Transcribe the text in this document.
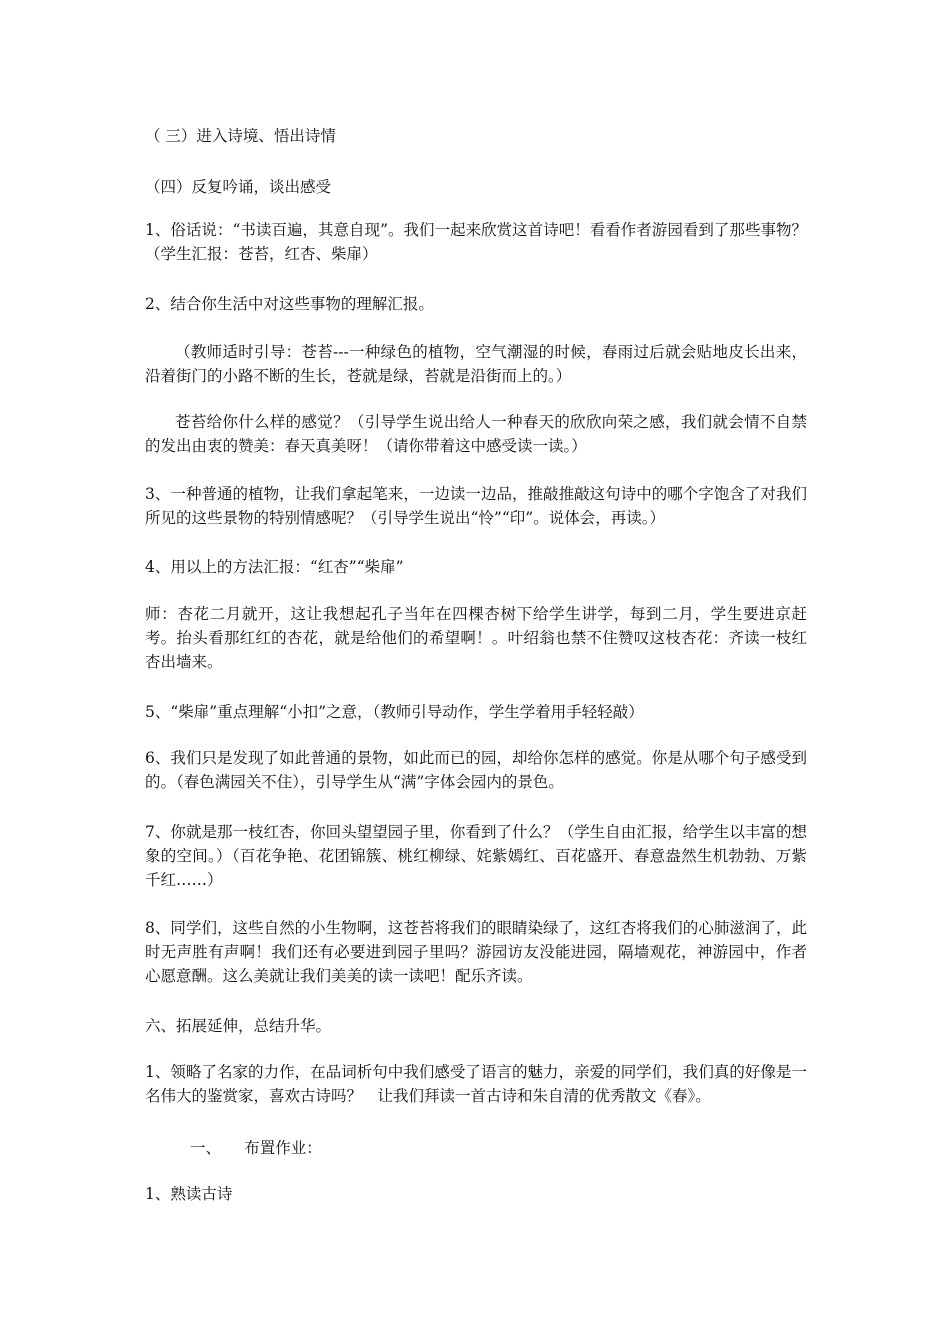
（ 三）进入诗境、悟出诗情
（四）反复吟诵，谈出感受
1、俗话说：“书读百遍，其意自现”。我们一起来欣赏这首诗吧！看看作者游园看到了那些事物？（学生汇报：苍苔，红杏、柴扉）
2、结合你生活中对这些事物的理解汇报。
（教师适时引导：苍苔---一种绿色的植物，空气潮湿的时候，春雨过后就会贴地皮长出来，沿着街门的小路不断的生长，苍就是绿，苔就是沿街而上的。）
苍苔给你什么样的感觉？（引导学生说出给人一种春天的欣欣向荣之感，我们就会情不自禁的发出由衷的赞美：春天真美呀！（请你带着这中感受读一读。）
3、一种普通的植物，让我们拿起笔来，一边读一边品，推敲推敲这句诗中的哪个字饱含了对我们所见的这些景物的特别情感呢？（引导学生说出“怜”“印”。说体会，再读。）
4、用以上的方法汇报：“红杏”“柴扉”
师：杏花二月就开，这让我想起孔子当年在四棵杏树下给学生讲学，每到二月，学生要进京赶考。抬头看那红红的杏花，就是给他们的希望啊！。叶绍翁也禁不住赞叹这枝杏花：齐读一枝红杏出墙来。
5、“柴扉”重点理解“小扣”之意，（教师引导动作，学生学着用手轻轻敲）
6、我们只是发现了如此普通的景物，如此而已的园，却给你怎样的感觉。你是从哪个句子感受到的。（春色满园关不住），引导学生从“满”字体会园内的景色。
7、你就是那一枝红杏，你回头望望园子里，你看到了什么？（学生自由汇报，给学生以丰富的想象的空间。）（百花争艳、花团锦簇、桃红柳绿、姹紫嫣红、百花盛开、春意盎然生机勃勃、万紫千红……）
8、同学们，这些自然的小生物啊，这苍苔将我们的眼睛染绿了，这红杏将我们的心肺滋润了，此时无声胜有声啊！我们还有必要进到园子里吗？游园访友没能进园，隔墙观花，神游园中，作者心愿意酬。这么美就让我们美美的读一读吧！配乐齐读。
六、拓展延伸，总结升华。
1、领略了名家的力作，在品词析句中我们感受了语言的魅力，亲爱的同学们，我们真的好像是一名伟大的鉴赏家，喜欢古诗吗？　让我们拜读一首古诗和朱自清的优秀散文《春》。
一、　　布置作业：
1、熟读古诗
